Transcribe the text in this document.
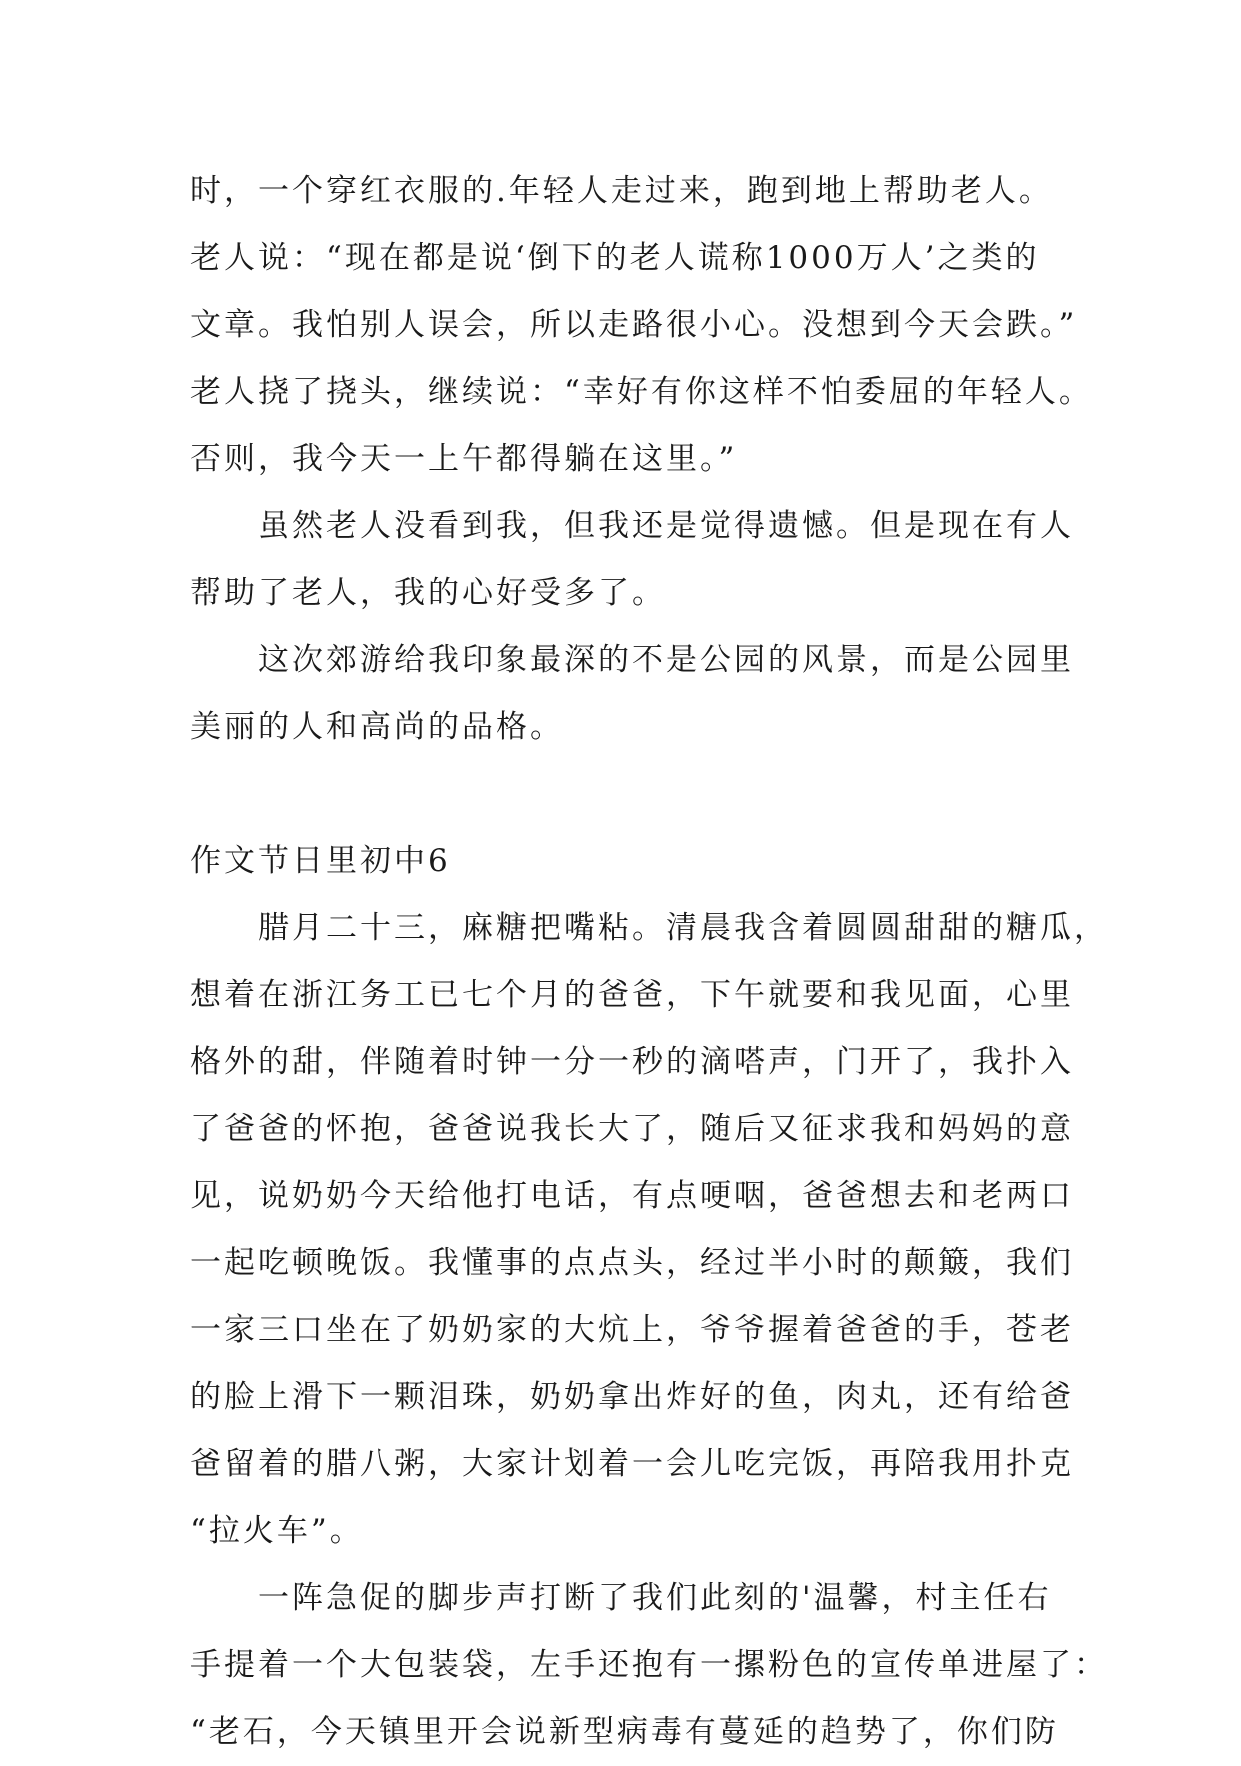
时，一个穿红衣服的.年轻人走过来，跑到地上帮助老人。
老人说：“现在都是说‘倒下的老人谎称1000万人’之类的
文章。我怕别人误会，所以走路很小心。没想到今天会跌。”
老人挠了挠头，继续说：“幸好有你这样不怕委屈的年轻人。
否则，我今天一上午都得躺在这里。”
虽然老人没看到我，但我还是觉得遗憾。但是现在有人
帮助了老人，我的心好受多了。
这次郊游给我印象最深的不是公园的风景，而是公园里
美丽的人和高尚的品格。
作文节日里初中6
腊月二十三，麻糖把嘴粘。清晨我含着圆圆甜甜的糖瓜，
想着在浙江务工已七个月的爸爸，下午就要和我见面，心里
格外的甜，伴随着时钟一分一秒的滴嗒声，门开了，我扑入
了爸爸的怀抱，爸爸说我长大了，随后又征求我和妈妈的意
见，说奶奶今天给他打电话，有点哽咽，爸爸想去和老两口
一起吃顿晚饭。我懂事的点点头，经过半小时的颠簸，我们
一家三口坐在了奶奶家的大炕上，爷爷握着爸爸的手，苍老
的脸上滑下一颗泪珠，奶奶拿出炸好的鱼，肉丸，还有给爸
爸留着的腊八粥，大家计划着一会儿吃完饭，再陪我用扑克
“拉火车”。
一阵急促的脚步声打断了我们此刻的'温馨，村主任右
手提着一个大包装袋，左手还抱有一摞粉色的宣传单进屋了：
“老石，今天镇里开会说新型病毒有蔓延的趋势了，你们防
